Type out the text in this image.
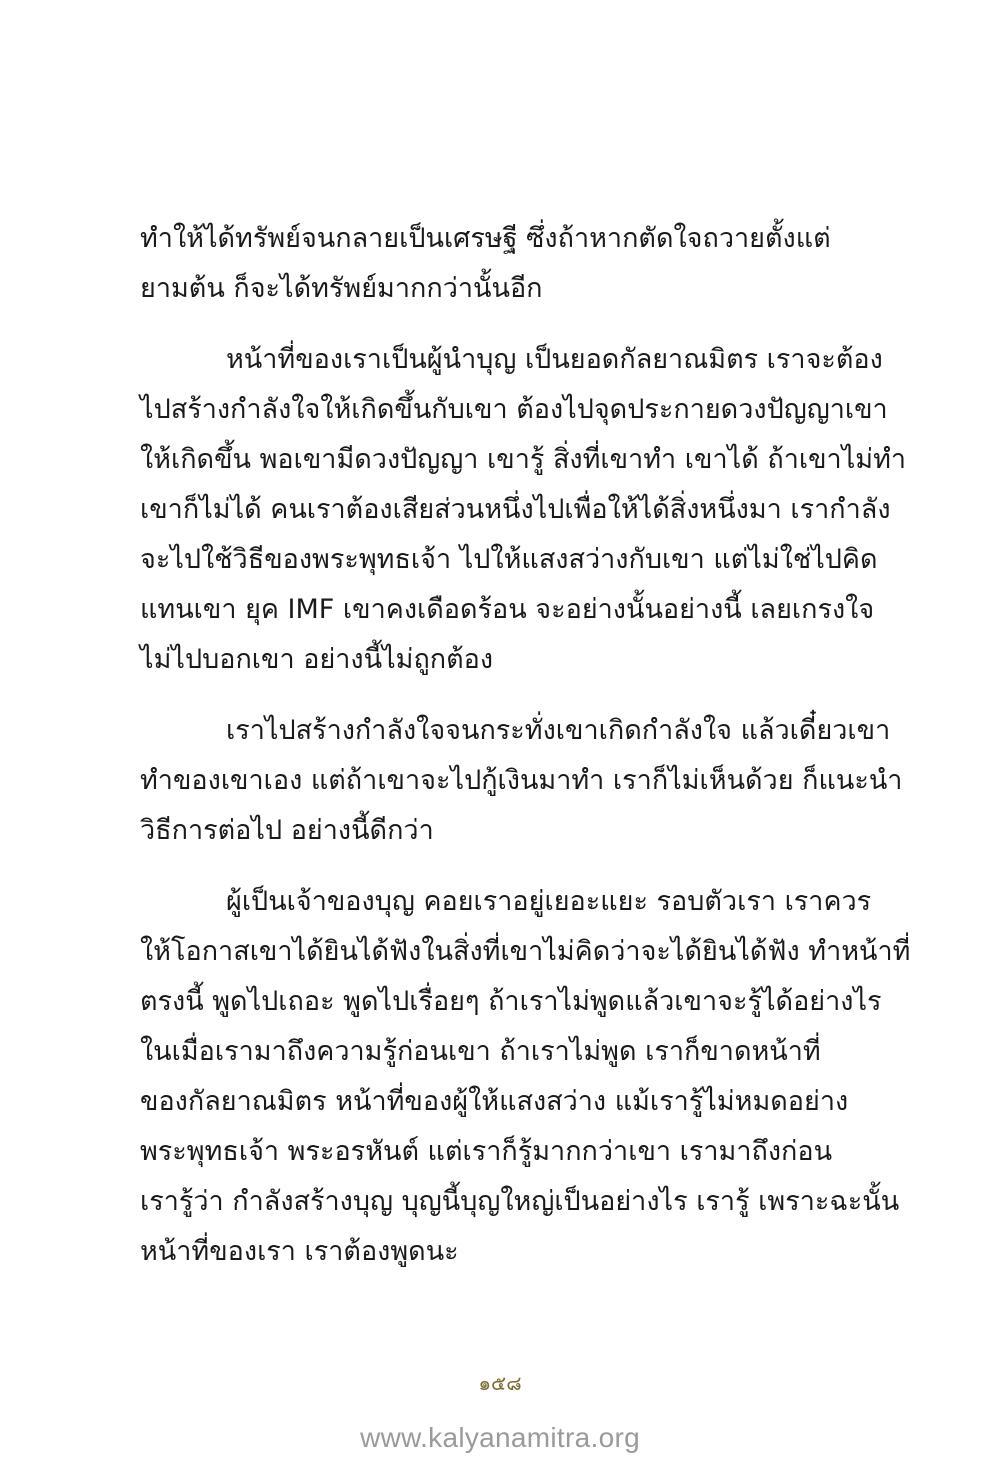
ทำให้ได้ทรัพย์จนกลายเป็นเศรษฐี ซึ่งถ้าหากตัดใจถวายตั้งแต่
ยามต้น ก็จะได้ทรัพย์มากกว่านั้นอีก
หน้าที่ของเราเป็นผู้นำบุญ เป็นยอดกัลยาณมิตร เราจะต้อง
ไปสร้างกำลังใจให้เกิดขึ้นกับเขา ต้องไปจุดประกายดวงปัญญาเขา
ให้เกิดขึ้น พอเขามีดวงปัญญา เขารู้ สิ่งที่เขาทำ เขาได้ ถ้าเขาไม่ทำ
เขาก็ไม่ได้ คนเราต้องเสียส่วนหนึ่งไปเพื่อให้ได้สิ่งหนึ่งมา เรากำลัง
จะไปใช้วิธีของพระพุทธเจ้า ไปให้แสงสว่างกับเขา แต่ไม่ใช่ไปคิด
แทนเขา ยุค IMF เขาคงเดือดร้อน จะอย่างนั้นอย่างนี้ เลยเกรงใจ
ไม่ไปบอกเขา อย่างนี้ไม่ถูกต้อง
เราไปสร้างกำลังใจจนกระทั่งเขาเกิดกำลังใจ แล้วเดี๋ยวเขา
ทำของเขาเอง แต่ถ้าเขาจะไปกู้เงินมาทำ เราก็ไม่เห็นด้วย ก็แนะนำ
วิธีการต่อไป อย่างนี้ดีกว่า
ผู้เป็นเจ้าของบุญ คอยเราอยู่เยอะแยะ รอบตัวเรา เราควร
ให้โอกาสเขาได้ยินได้ฟังในสิ่งที่เขาไม่คิดว่าจะได้ยินได้ฟัง ทำหน้าที่
ตรงนี้ พูดไปเถอะ พูดไปเรื่อยๆ ถ้าเราไม่พูดแล้วเขาจะรู้ได้อย่างไร
ในเมื่อเรามาถึงความรู้ก่อนเขา ถ้าเราไม่พูด เราก็ขาดหน้าที่
ของกัลยาณมิตร หน้าที่ของผู้ให้แสงสว่าง แม้เรารู้ไม่หมดอย่าง
พระพุทธเจ้า พระอรหันต์ แต่เราก็รู้มากกว่าเขา เรามาถึงก่อน
เรารู้ว่า กำลังสร้างบุญ บุญนี้บุญใหญ่เป็นอย่างไร เรารู้ เพราะฉะนั้น
หน้าที่ของเรา เราต้องพูดนะ
๑๕๘
www.kalyanamitra.org
